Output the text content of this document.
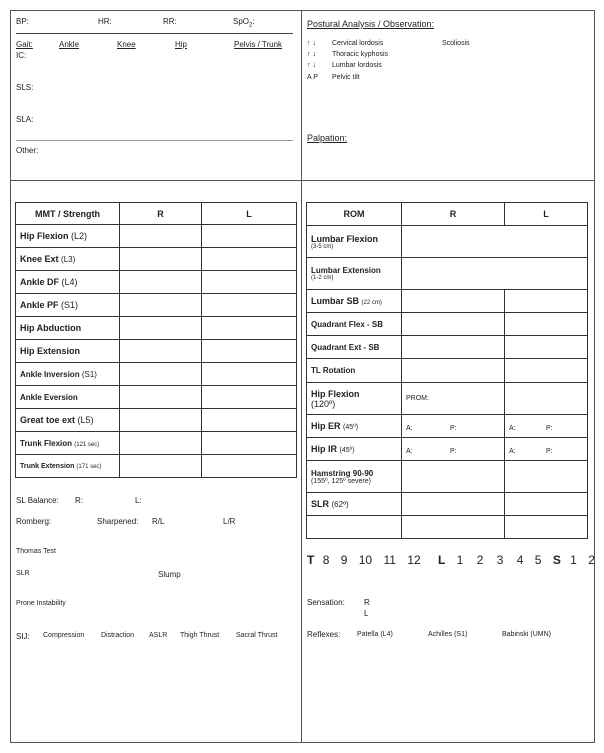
BP:	HR:	RR:	SpO$_2$:
Gait:	Ankle	Knee	Hip	Pelvis / Trunk
IC:
SLS:
SLA:
Other:
Postural Analysis / Observation:
↑ ↓ Cervical lordosis
↑ ↓ Thoracic kyphosis
↑ ↓ Lumbar lordosis
A P Pelvic tilt
Scoliosis
Palpation:
MMT / Strength	R	L
Hip Flexion (L2)		
Knee Ext (L3)		
Ankle DF (L4)		
Ankle PF (S1)		
Hip Abduction		
Hip Extension		
Ankle Inversion (S1)		
Ankle Eversion		
Great toe ext (L5)		
Trunk Flexion (121 sec)		
Trunk Extension (171 sec)		
ROM	R	L

Lumbar Flexion
(3-5 cm)		

Lumbar Extension
(1-2 cm)		

Lumbar SB (22 cm)		
Quadrant Flex - SB		
Quadrant Ext - SB		
TL Rotation		

Hip Flexion
(120º)	PROM:	
Hip ER (45º)	A: P:	A: P:
Hip IR (45º)	A: P:	A: P:

Hamstring 90-90
(155º, 125º severe)		

SLR (62º)		

SL Balance: R:	L:
Romberg:	Sharpened: R/L	L/R
Thomas Test
SLR	Slump
Prone Instability
SIJ: Compression Distraction ASLR Thigh Thrust Sacral Thrust
T 8 9 10 11 12 L 1 2 3 4 5 S 1 2
Sensation: R
L
Reflexes: Patella (L4)	Achilles (S1)	Babinski (UMN)
